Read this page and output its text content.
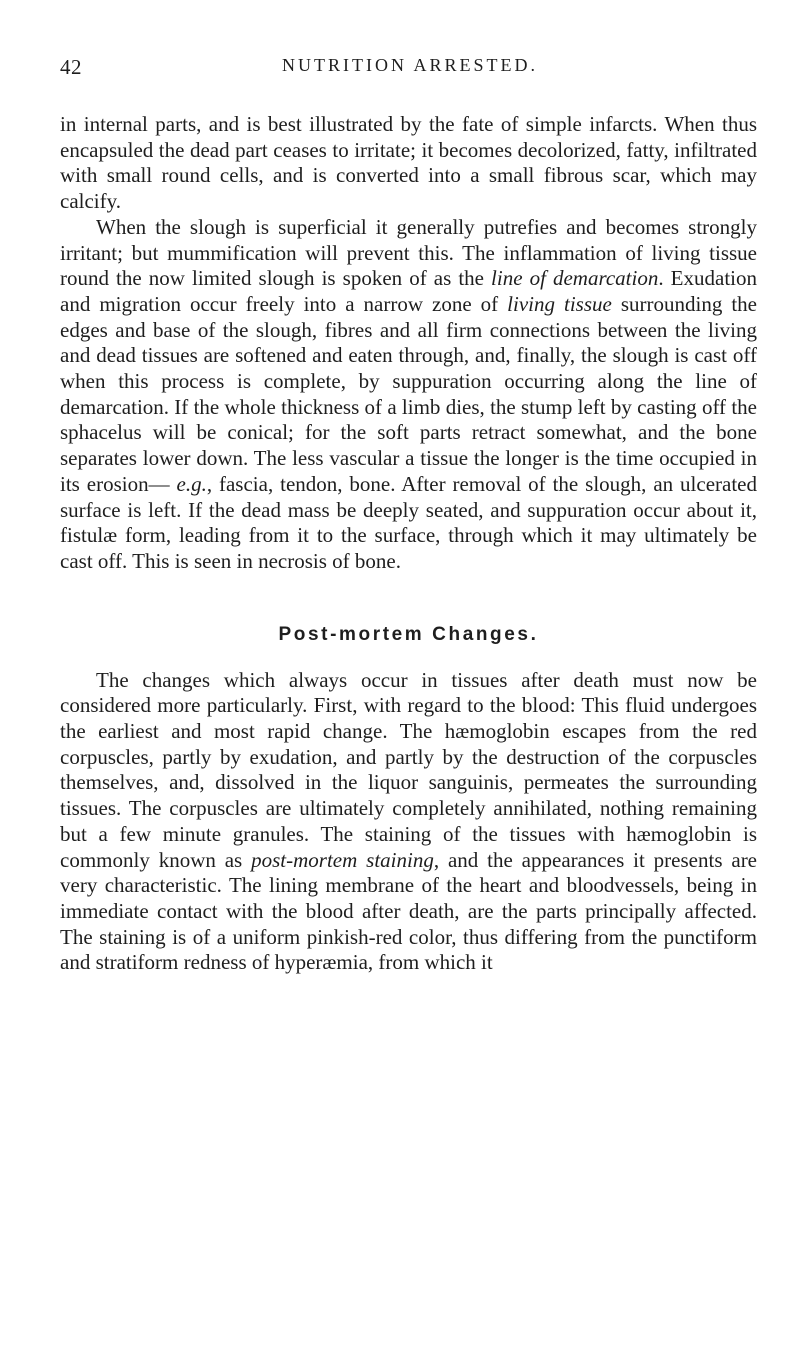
42	NUTRITION ARRESTED.

in internal parts, and is best illustrated by the fate of simple infarcts. When thus encapsuled the dead part ceases to irritate; it becomes decolorized, fatty, infiltrated with small round cells, and is converted into a small fibrous scar, which may calcify.

When the slough is superficial it generally putrefies and becomes strongly irritant; but mummification will prevent this. The inflammation of living tissue round the now limited slough is spoken of as the line of demarcation. Exudation and migration occur freely into a narrow zone of living tissue surrounding the edges and base of the slough, fibres and all firm connections between the living and dead tissues are softened and eaten through, and, finally, the slough is cast off when this process is complete, by suppuration occurring along the line of demarcation. If the whole thickness of a limb dies, the stump left by casting off the sphacelus will be conical; for the soft parts retract somewhat, and the bone separates lower down. The less vascular a tissue the longer is the time occupied in its erosion— e.g., fascia, tendon, bone. After removal of the slough, an ulcerated surface is left. If the dead mass be deeply seated, and suppuration occur about it, fistulæ form, leading from it to the surface, through which it may ultimately be cast off. This is seen in necrosis of bone.

Post-mortem Changes.

The changes which always occur in tissues after death must now be considered more particularly. First, with regard to the blood: This fluid undergoes the earliest and most rapid change. The hæmoglobin escapes from the red corpuscles, partly by exudation, and partly by the destruction of the corpuscles themselves, and, dissolved in the liquor sanguinis, permeates the surrounding tissues. The corpuscles are ultimately completely annihilated, nothing remaining but a few minute granules. The staining of the tissues with hæmoglobin is commonly known as post-mortem staining, and the appearances it presents are very characteristic. The lining membrane of the heart and bloodvessels, being in immediate contact with the blood after death, are the parts principally affected. The staining is of a uniform pinkish-red color, thus differing from the punctiform and stratiform redness of hyperæmia, from which it
